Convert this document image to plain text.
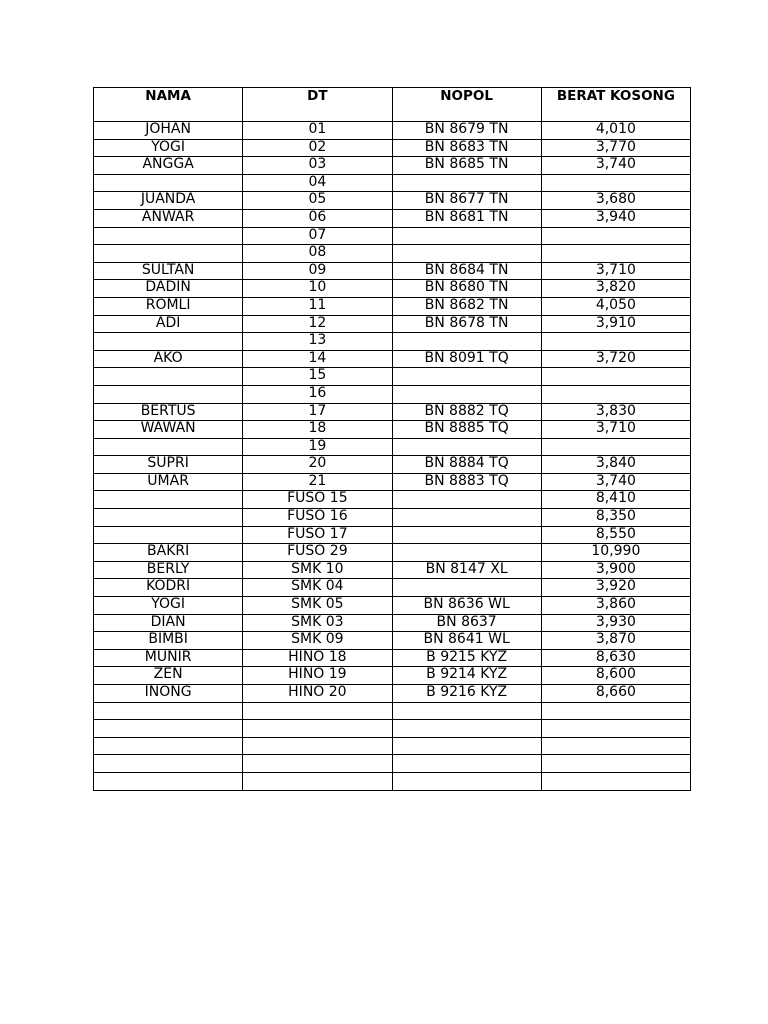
NAMA	DT	NOPOL	BERAT KOSONG
JOHAN	01	BN 8679 TN	4,010
YOGI	02	BN 8683 TN	3,770
ANGGA	03	BN 8685 TN	3,740
	04		
JUANDA	05	BN 8677 TN	3,680
ANWAR	06	BN 8681 TN	3,940
	07		
	08		
SULTAN	09	BN 8684 TN	3,710
DADIN	10	BN 8680 TN	3,820
ROMLI	11	BN 8682 TN	4,050
ADI	12	BN 8678 TN	3,910
	13		
AKO	14	BN 8091 TQ	3,720
	15		
	16		
BERTUS	17	BN 8882 TQ	3,830
WAWAN	18	BN 8885 TQ	3,710
	19		
SUPRI	20	BN 8884 TQ	3,840
UMAR	21	BN 8883 TQ	3,740
	FUSO 15		8,410
	FUSO 16		8,350
	FUSO 17		8,550
BAKRI	FUSO 29		10,990
BERLY	SMK 10	BN 8147 XL	3,900
KODRI	SMK 04		3,920
YOGI	SMK 05	BN 8636 WL	3,860
DIAN	SMK 03	BN 8637	3,930
BIMBI	SMK 09	BN 8641 WL	3,870
MUNIR	HINO 18	B 9215 KYZ	8,630
ZEN	HINO 19	B 9214 KYZ	8,600
INONG	HINO 20	B 9216 KYZ	8,660
